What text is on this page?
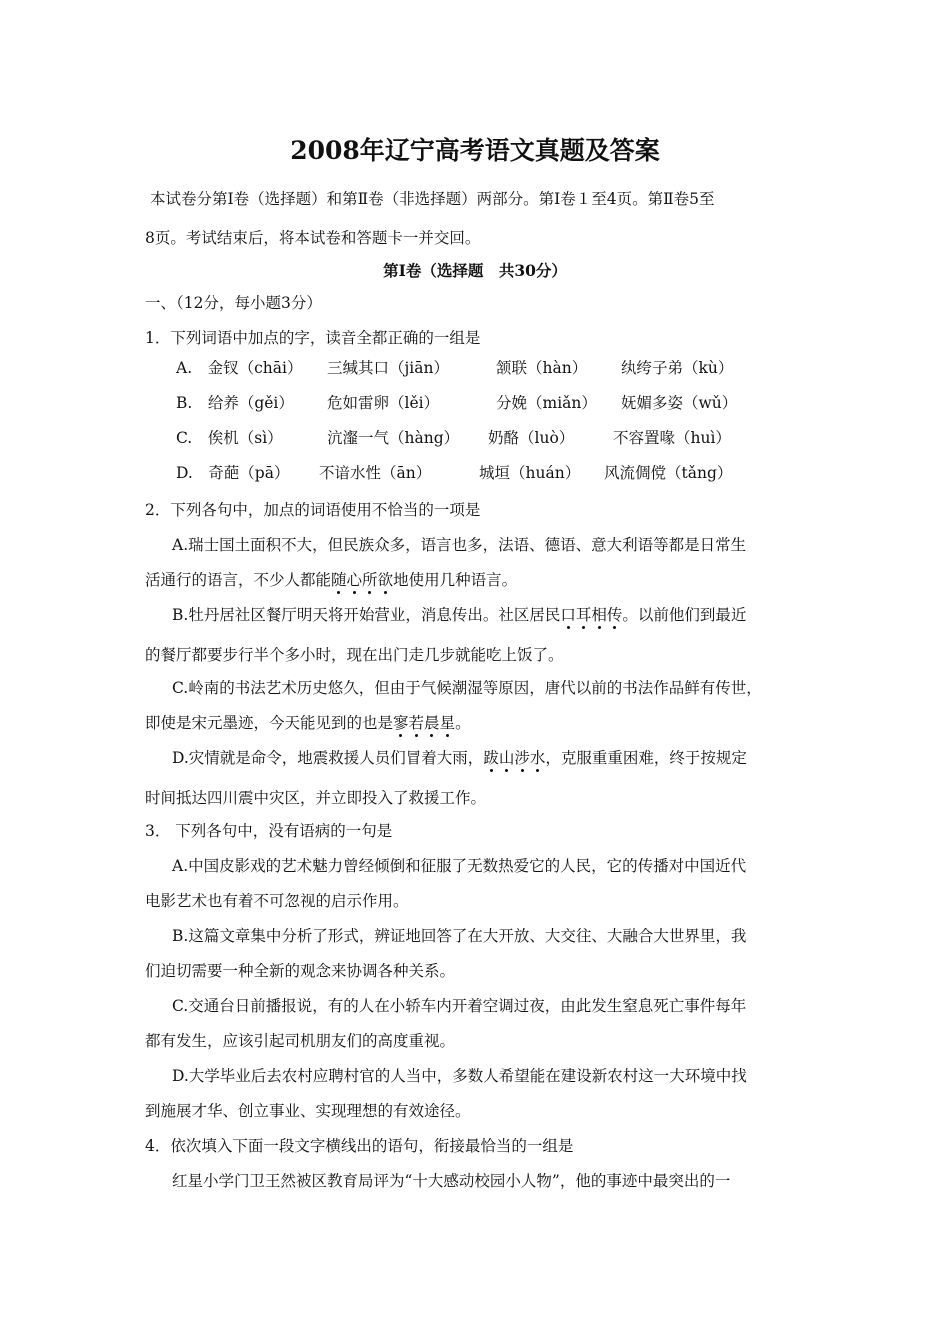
2008年辽宁高考语文真题及答案
本试卷分第Ⅰ卷（选择题）和第Ⅱ卷（非选择题）两部分。第Ⅰ卷１至4页。第Ⅱ卷5至
8页。考试结束后，将本试卷和答题卡一并交回。
第Ⅰ卷（选择题　共30分）
一、（12分，每小题3分）
1．下列词语中加点的字，读音全都正确的一组是
A.　金钗（chāi） 三缄其口（jiān）	颔联（hàn） 纨绔子弟（kù）
B.　给养（gěi） 危如雷卵（lěi）	分娩（miǎn） 妩媚多姿（wǔ）
C.　俟机（sì）	沆瀣一气（hàng） 奶酪（luò） 不容置喙（huì）
D.　奇葩（pā） 不谙水性（ān）	城垣（huán） 风流倜傥（tǎng）
2．下列各句中，加点的词语使用不恰当的一项是
A.瑞士国土面积不大，但民族众多，语言也多，法语、德语、意大利语等都是日常生
活通行的语言，不少人都能随心所欲地使用几种语言。
B.牡丹居社区餐厅明天将开始营业，消息传出。社区居民口耳相传。以前他们到最近
的餐厅都要步行半个多小时，现在出门走几步就能吃上饭了。
C.岭南的书法艺术历史悠久，但由于气候潮湿等原因，唐代以前的书法作品鲜有传世，
即使是宋元墨迹，今天能见到的也是寥若晨星。
D.灾情就是命令，地震救援人员们冒着大雨，跋山涉水，克服重重困难，终于按规定
时间抵达四川震中灾区，并立即投入了救援工作。
3． 下列各句中，没有语病的一句是
A.中国皮影戏的艺术魅力曾经倾倒和征服了无数热爱它的人民，它的传播对中国近代
电影艺术也有着不可忽视的启示作用。
B.这篇文章集中分析了形式，辨证地回答了在大开放、大交往、大融合大世界里，我
们迫切需要一种全新的观念来协调各种关系。
C.交通台日前播报说，有的人在小轿车内开着空调过夜，由此发生窒息死亡事件每年
都有发生，应该引起司机朋友们的高度重视。
D.大学毕业后去农村应聘村官的人当中，多数人希望能在建设新农村这一大环境中找
到施展才华、创立事业、实现理想的有效途径。
4．依次填入下面一段文字横线出的语句，衔接最恰当的一组是
红星小学门卫王然被区教育局评为“十大感动校园小人物”，他的事迹中最突出的一
